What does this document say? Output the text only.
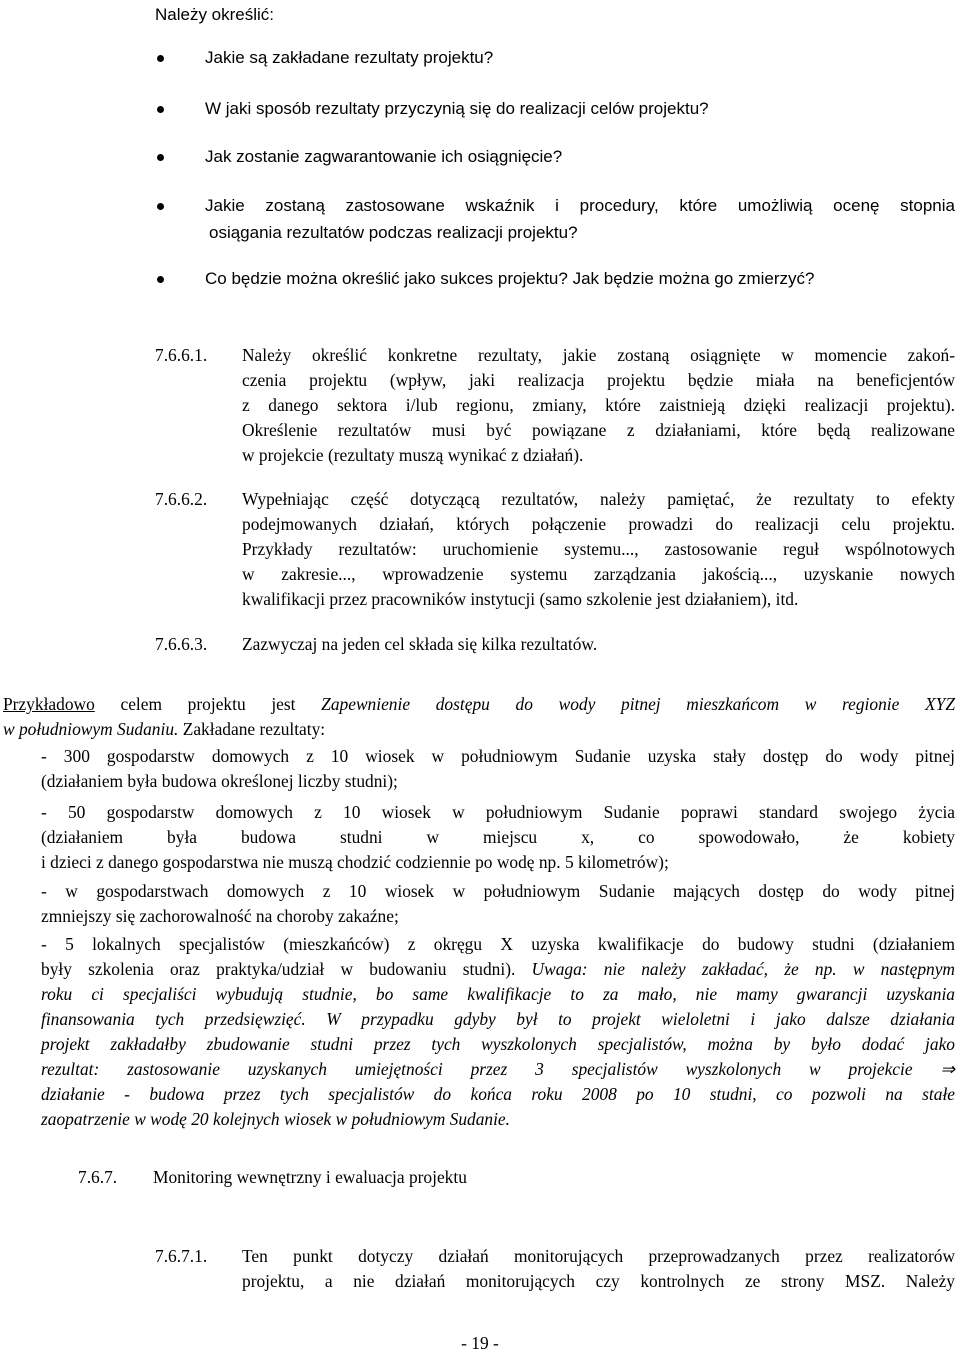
Należy określić:
Jakie są zakładane rezultaty projektu?
W jaki sposób rezultaty przyczynią się do realizacji celów projektu?
Jak zostanie zagwarantowanie ich osiągnięcie?
Jakie zostaną zastosowane wskaźnik i procedury, które umożliwią ocenę stopnia
osiągania rezultatów podczas realizacji projektu?
Co będzie można określić jako sukces projektu? Jak będzie można go zmierzyć?
7.6.6.1. Należy określić konkretne rezultaty, jakie zostaną osiągnięte w momencie zakoń-
czenia projektu (wpływ, jaki realizacja projektu będzie miała na beneficjentów
z danego sektora i/lub regionu, zmiany, które zaistnieją dzięki realizacji projektu).
Określenie rezultatów musi być powiązane z działaniami, które będą realizowane
w projekcie (rezultaty muszą wynikać z działań).
7.6.6.2. Wypełniając część dotyczącą rezultatów, należy pamiętać, że rezultaty to efekty
podejmowanych działań, których połączenie prowadzi do realizacji celu projektu.
Przykłady rezultatów: uruchomienie systemu..., zastosowanie reguł wspólnotowych
w zakresie..., wprowadzenie systemu zarządzania jakością..., uzyskanie nowych
kwalifikacji przez pracowników instytucji (samo szkolenie jest działaniem), itd.
7.6.6.3. Zazwyczaj na jeden cel składa się kilka rezultatów.
Przykładowo celem projektu jest Zapewnienie dostępu do wody pitnej mieszkańcom w regionie XYZ
w południowym Sudaniu. Zakładane rezultaty:
- 300 gospodarstw domowych z 10 wiosek w południowym Sudanie uzyska stały dostęp do wody pitnej
(działaniem była budowa określonej liczby studni);
- 50 gospodarstw domowych z 10 wiosek w południowym Sudanie poprawi standard swojego życia
(działaniem była budowa studni w miejscu x, co spowodowało, że kobiety
i dzieci z danego gospodarstwa nie muszą chodzić codziennie po wodę np. 5 kilometrów);
- w gospodarstwach domowych z 10 wiosek w południowym Sudanie mających dostęp do wody pitnej
zmniejszy się zachorowalność na choroby zakaźne;
- 5 lokalnych specjalistów (mieszkańców) z okręgu X uzyska kwalifikacje do budowy studni (działaniem
były szkolenia oraz praktyka/udział w budowaniu studni). Uwaga: nie należy zakładać, że np. w następnym
roku ci specjaliści wybudują studnie, bo same kwalifikacje to za mało, nie mamy gwarancji uzyskania
finansowania tych przedsięwzięć. W przypadku gdyby był to projekt wieloletni i jako dalsze działania
projekt zakładałby zbudowanie studni przez tych wyszkolonych specjalistów, można by było dodać jako
rezultat: zastosowanie uzyskanych umiejętności przez 3 specjalistów wyszkolonych w projekcie ⇒
działanie - budowa przez tych specjalistów do końca roku 2008 po 10 studni, co pozwoli na stałe
zaopatrzenie w wodę 20 kolejnych wiosek w południowym Sudanie.
7.6.7. Monitoring wewnętrzny i ewaluacja projektu
7.6.7.1. Ten punkt dotyczy działań monitorujących przeprowadzanych przez realizatorów
projektu, a nie działań monitorujących czy kontrolnych ze strony MSZ. Należy
- 19 -
